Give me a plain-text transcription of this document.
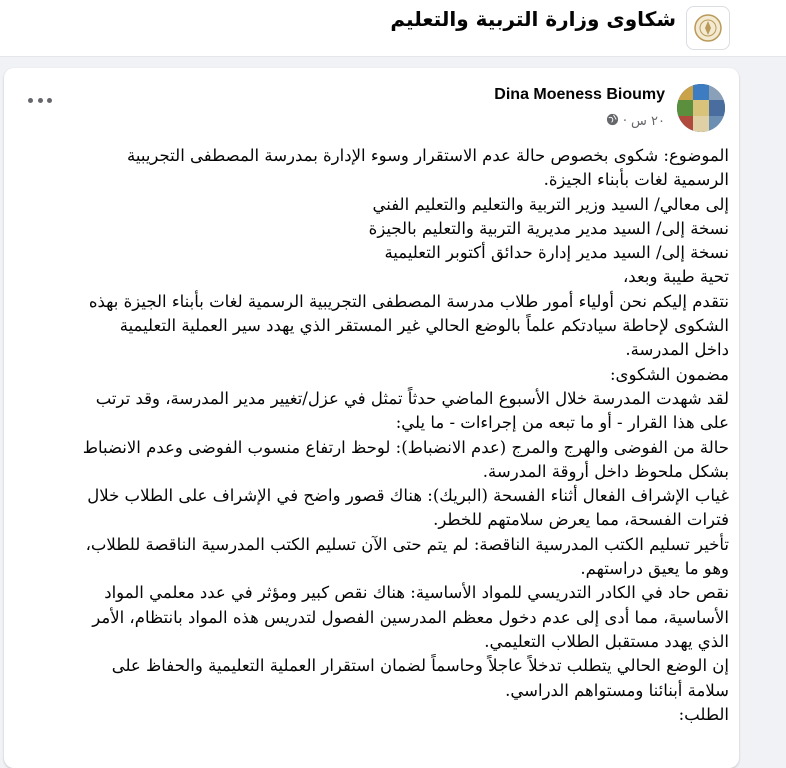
شكاوى وزارة التربية والتعليم
Dina Moeness Bioumy
٢٠ س
·

الموضوع: شكوى بخصوص حالة عدم الاستقرار وسوء الإدارة بمدرسة المصطفى التجريبية

الرسمية لغات بأبناء الجيزة.

إلى معالي/ السيد وزير التربية والتعليم والتعليم الفني

نسخة إلى/ السيد مدير مديرية التربية والتعليم بالجيزة

نسخة إلى/ السيد مدير إدارة حدائق أكتوبر التعليمية

تحية طيبة وبعد،

نتقدم إليكم نحن أولياء أمور طلاب مدرسة المصطفى التجريبية الرسمية لغات بأبناء الجيزة بهذه

الشكوى لإحاطة سيادتكم علماً بالوضع الحالي غير المستقر الذي يهدد سير العملية التعليمية

داخل المدرسة.

مضمون الشكوى:

لقد شهدت المدرسة خلال الأسبوع الماضي حدثاً تمثل في عزل/تغيير مدير المدرسة، وقد ترتب

على هذا القرار - أو ما تبعه من إجراءات - ما يلي:

حالة من الفوضى والهرج والمرج (عدم الانضباط): لوحظ ارتفاع منسوب الفوضى وعدم الانضباط

بشكل ملحوظ داخل أروقة المدرسة.

غياب الإشراف الفعال أثناء الفسحة (البريك): هناك قصور واضح في الإشراف على الطلاب خلال

فترات الفسحة، مما يعرض سلامتهم للخطر.

تأخير تسليم الكتب المدرسية الناقصة: لم يتم حتى الآن تسليم الكتب المدرسية الناقصة للطلاب،

وهو ما يعيق دراستهم.

نقص حاد في الكادر التدريسي للمواد الأساسية: هناك نقص كبير ومؤثر في عدد معلمي المواد

الأساسية، مما أدى إلى عدم دخول معظم المدرسين الفصول لتدريس هذه المواد بانتظام، الأمر

الذي يهدد مستقبل الطلاب التعليمي.

إن الوضع الحالي يتطلب تدخلاً عاجلاً وحاسماً لضمان استقرار العملية التعليمية والحفاظ على

سلامة أبنائنا ومستواهم الدراسي.

الطلب:
